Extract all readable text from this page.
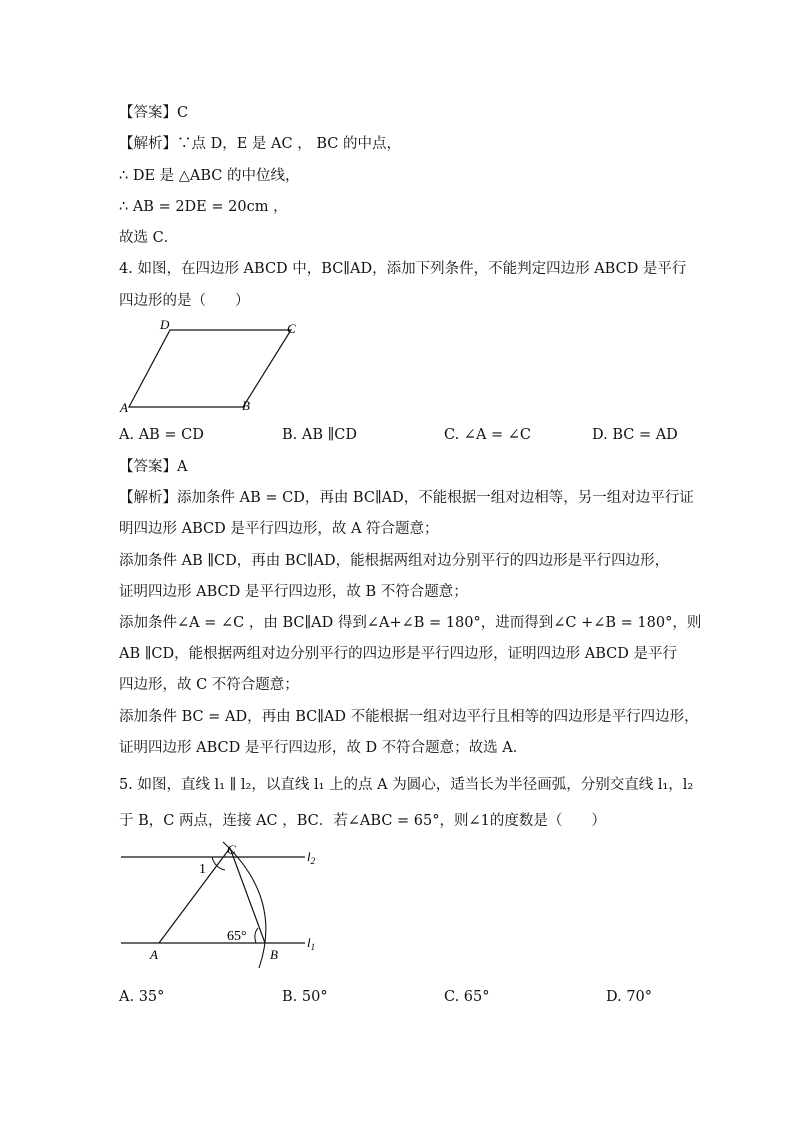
【答案】C
【解析】∵点 D，E 是 AC ， BC 的中点，
∴ DE 是 △ABC 的中位线，
∴ AB = 2DE = 20cm ，
故选 C．
4. 如图，在四边形 ABCD 中，BC∥AD，添加下列条件，不能判定四边形 ABCD 是平行
四边形的是（　　）
A	B
C
D
A. AB = CD	B. AB ∥CD	C. ∠A = ∠C	D. BC = AD
【答案】A
【解析】添加条件 AB = CD，再由 BC∥AD，不能根据一组对边相等，另一组对边平行证
明四边形 ABCD 是平行四边形，故 A 符合题意；
添加条件 AB ∥CD，再由 BC∥AD，能根据两组对边分别平行的四边形是平行四边形，
证明四边形 ABCD 是平行四边形，故 B 不符合题意；
添加条件∠A = ∠C ，由 BC∥AD 得到∠A+∠B = 180°，进而得到∠C +∠B = 180°，则
AB ∥CD，能根据两组对边分别平行的四边形是平行四边形，证明四边形 ABCD 是平行
四边形，故 C 不符合题意；
添加条件 BC = AD，再由 BC∥AD 不能根据一组对边平行且相等的四边形是平行四边形，
证明四边形 ABCD 是平行四边形，故 D 不符合题意；故选 A．
5. 如图，直线 l₁ ∥ l₂，以直线 l₁ 上的点 A 为圆心，适当长为半径画弧，分别交直线 l₁，l₂
于 B，C 两点，连接 AC ，BC．若∠ABC = 65°，则∠1的度数是（　　）
1
65°
C
A	B
$l_2$
$l_1$
A. 35°	B. 50°	C. 65°	D. 70°
